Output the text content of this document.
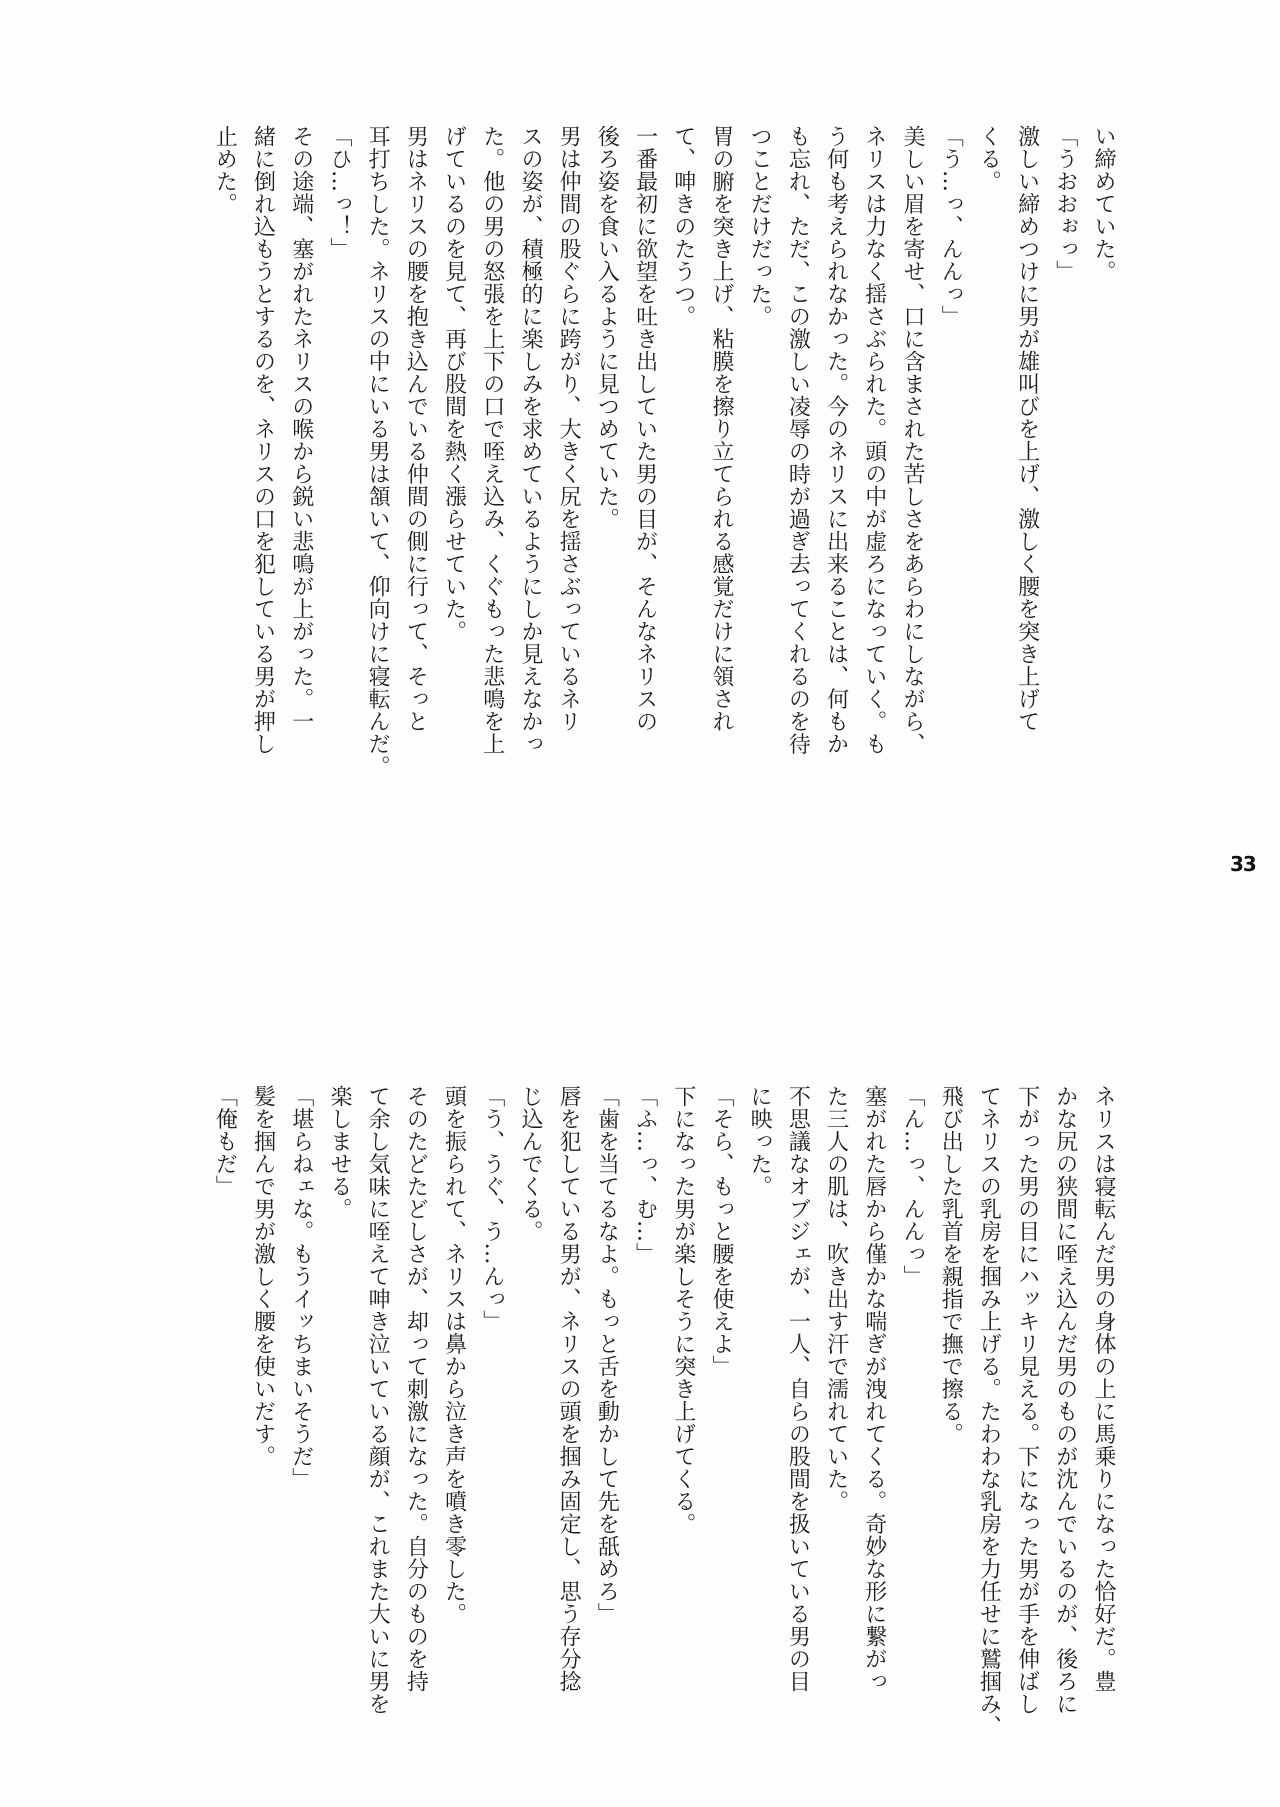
い締めていた。

「うおおぉっ」

激しい締めつけに男が雄叫びを上げ、激しく腰を突き上げて

くる。

「う…っ、んんっ」

美しい眉を寄せ、口に含まされた苦しさをあらわにしながら、

ネリスは力なく揺さぶられた。頭の中が虚ろになっていく。も

う何も考えられなかった。今のネリスに出来ることは、何もか

も忘れ、ただ、この激しい凌辱の時が過ぎ去ってくれるのを待

つことだけだった。

胃の腑を突き上げ、粘膜を擦り立てられる感覚だけに領され

て、呻きのたうつ。

一番最初に欲望を吐き出していた男の目が、そんなネリスの

後ろ姿を食い入るように見つめていた。

男は仲間の股ぐらに跨がり、大きく尻を揺さぶっているネリ

スの姿が、積極的に楽しみを求めているようにしか見えなかっ

た。他の男の怒張を上下の口で咥え込み、くぐもった悲鳴を上

げているのを見て、再び股間を熱く漲らせていた。

男はネリスの腰を抱き込んでいる仲間の側に行って、そっと

耳打ちした。ネリスの中にいる男は頷いて、仰向けに寝転んだ。

「ひ…っ！」

その途端、塞がれたネリスの喉から鋭い悲鳴が上がった。一

緒に倒れ込もうとするのを、ネリスの口を犯している男が押し

止めた。

33

ネリスは寝転んだ男の身体の上に馬乗りになった恰好だ。豊

かな尻の狭間に咥え込んだ男のものが沈んでいるのが、後ろに

下がった男の目にハッキリ見える。下になった男が手を伸ばし

てネリスの乳房を掴み上げる。たわわな乳房を力任せに鷲掴み、

飛び出した乳首を親指で撫で擦る。

「ん…っ、んんっ」

塞がれた唇から僅かな喘ぎが洩れてくる。奇妙な形に繋がっ

た三人の肌は、吹き出す汗で濡れていた。

不思議なオブジェが、一人、自らの股間を扱いている男の目

に映った。

「そら、もっと腰を使えよ」

下になった男が楽しそうに突き上げてくる。

「ふ…っ、む…」

「歯を当てるなよ。もっと舌を動かして先を舐めろ」

唇を犯している男が、ネリスの頭を掴み固定し、思う存分捻

じ込んでくる。

「う、うぐ、う…んっ」

頭を振られて、ネリスは鼻から泣き声を噴き零した。

そのたどたどしさが、却って刺激になった。自分のものを持

て余し気味に咥えて呻き泣いている顔が、これまた大いに男を

楽しませる。

「堪らねェな。もうイッちまいそうだ」

髪を掴んで男が激しく腰を使いだす。

「俺もだ」
